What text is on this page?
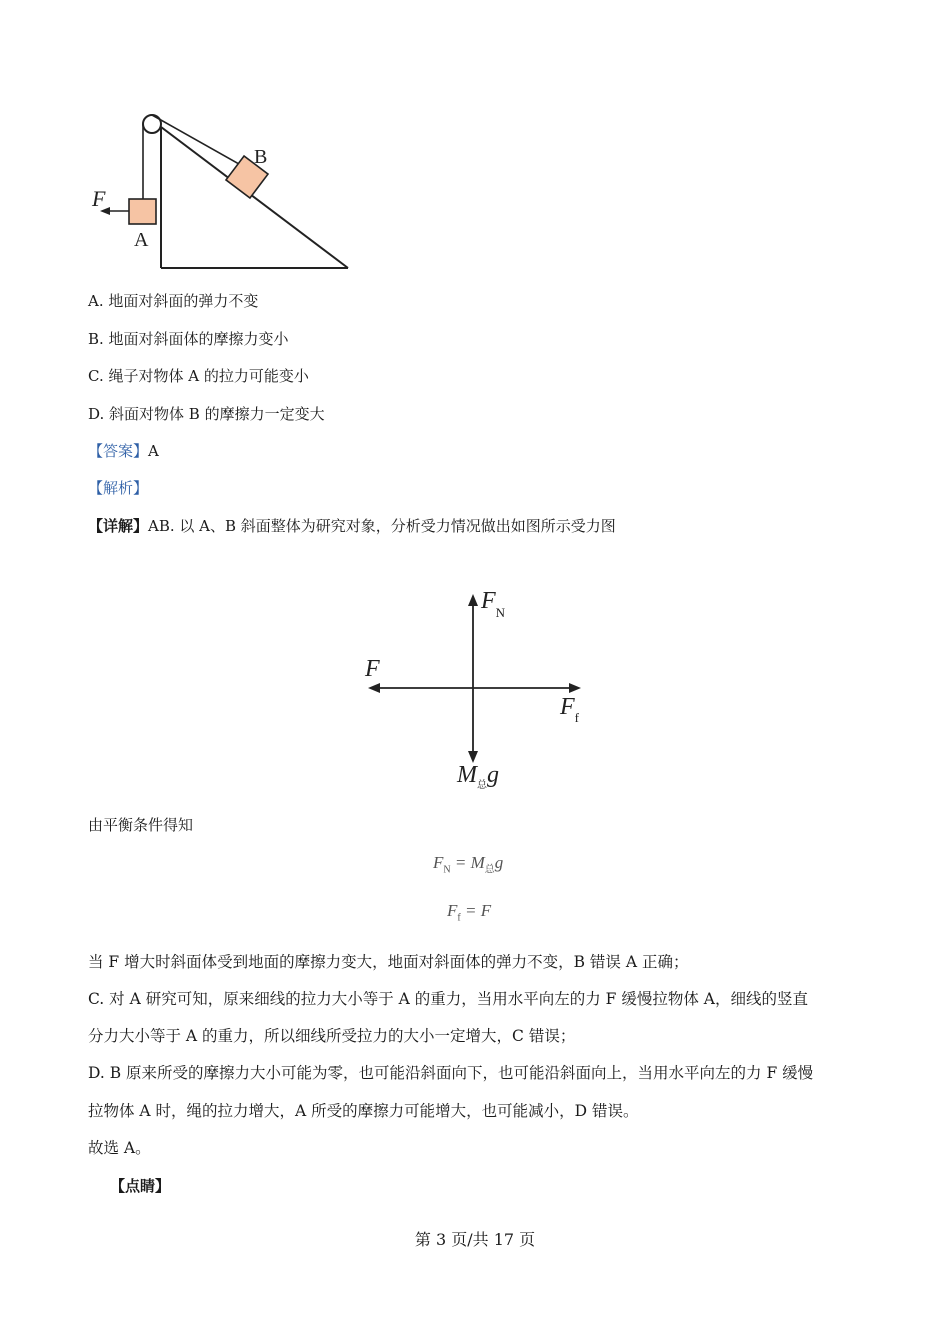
B
F
A
A. 地面对斜面的弹力不变
B. 地面对斜面体的摩擦力变小
C. 绳子对物体 A 的拉力可能变小
D. 斜面对物体 B 的摩擦力一定变大
【答案】A
【解析】
【详解】AB. 以 A、B 斜面整体为研究对象，分析受力情况做出如图所示受力图
$F_N$
F
$F_f$
$M_总g$
由平衡条件得知
$F_N = M_总g$
$F_f = F$
当 F 增大时斜面体受到地面的摩擦力变大，地面对斜面体的弹力不变，B 错误 A 正确；
C. 对 A 研究可知，原来细线的拉力大小等于 A 的重力，当用水平向左的力 F 缓慢拉物体 A，细线的竖直
分力大小等于 A 的重力，所以细线所受拉力的大小一定增大，C 错误；
D. B 原来所受的摩擦力大小可能为零，也可能沿斜面向下，也可能沿斜面向上，当用水平向左的力 F 缓慢
拉物体 A 时，绳的拉力增大，A 所受的摩擦力可能增大，也可能减小，D 错误。
故选 A。
【点睛】
第 3 页/共 17 页
